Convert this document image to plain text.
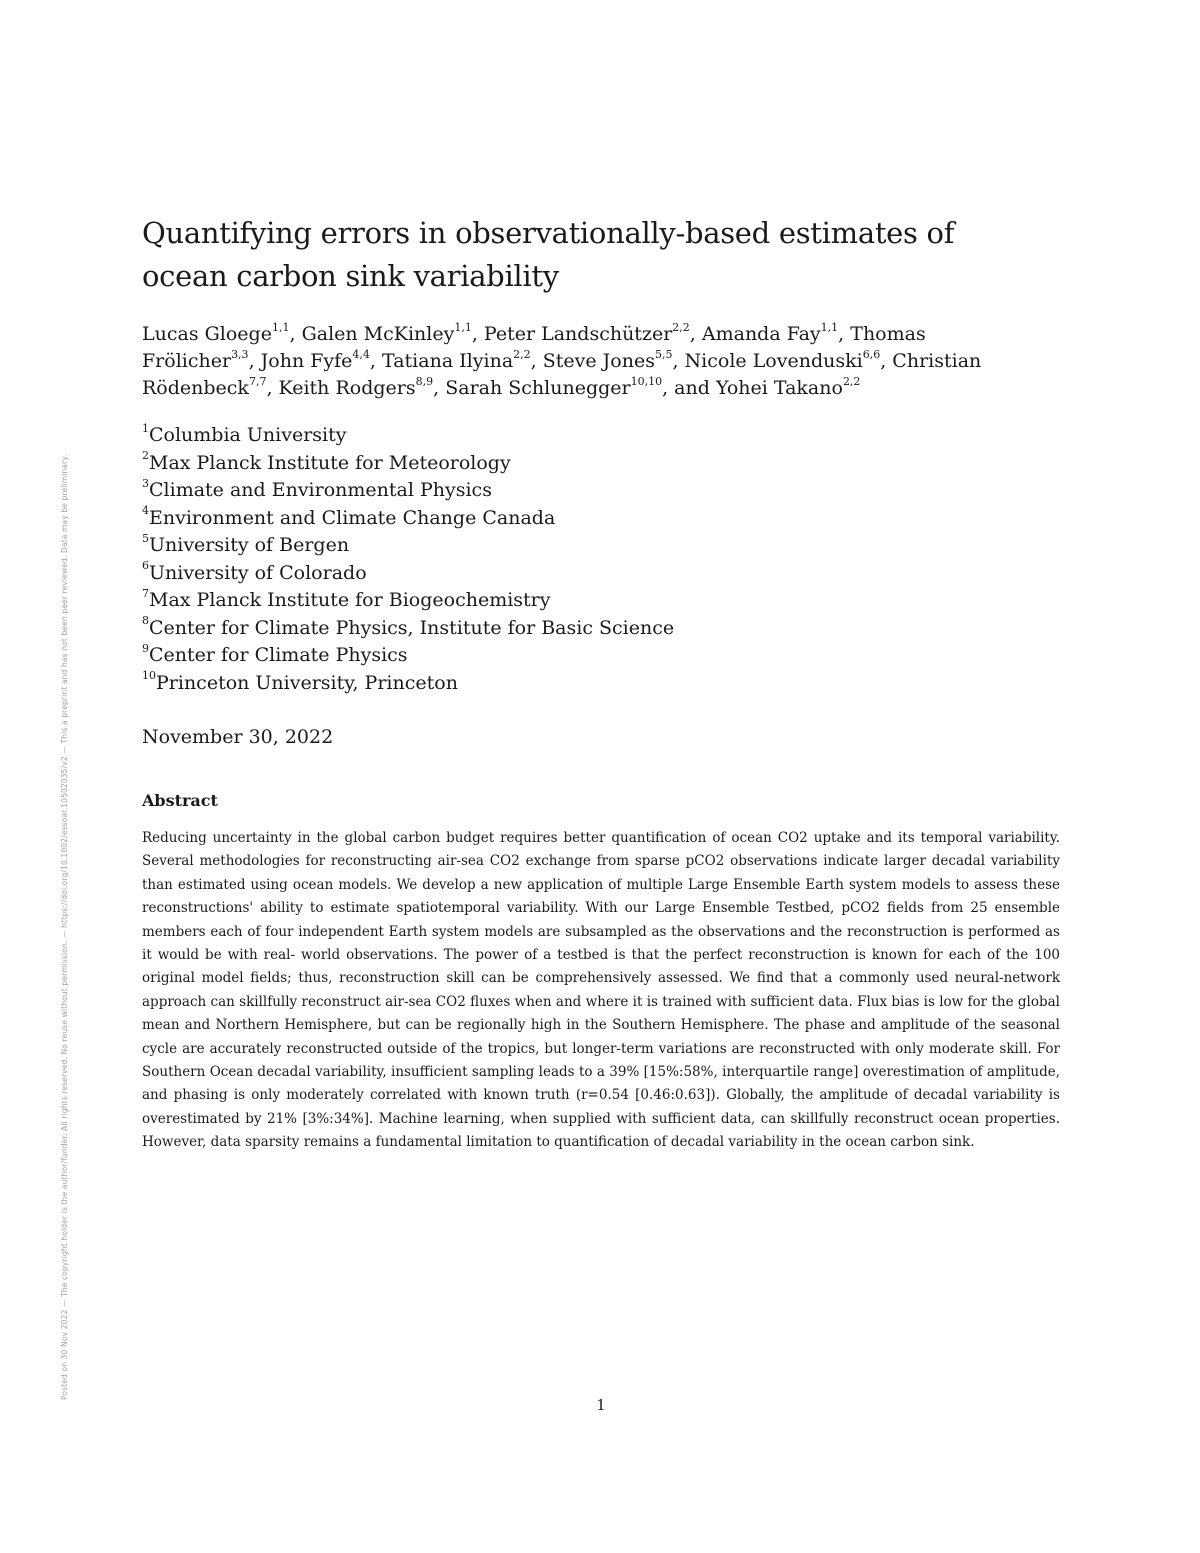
Posted on 30 Nov 2022 — The copyright holder is the author/funder. All rights reserved. No reuse without permission. — https://doi.org/10.1002/essoar.10502035/v2 — This a preprint and has not been peer reviewed. Data may be preliminary.
Quantifying errors in observationally-based estimates of ocean carbon sink variability

Lucas Gloege$^{1,1}$, Galen McKinley$^{1,1}$, Peter Landschützer$^{2,2}$, Amanda Fay$^{1,1}$, Thomas Frölicher$^{3,3}$, John Fyfe$^{4,4}$, Tatiana Ilyina$^{2,2}$, Steve Jones$^{5,5}$, Nicole Lovenduski$^{6,6}$, Christian Rödenbeck$^{7,7}$, Keith Rodgers$^{8,9}$, Sarah Schlunegger$^{10,10}$, and Yohei Takano$^{2,2}$

$^1$Columbia University
$^2$Max Planck Institute for Meteorology
$^3$Climate and Environmental Physics
$^4$Environment and Climate Change Canada
$^5$University of Bergen
$^6$University of Colorado
$^7$Max Planck Institute for Biogeochemistry
$^8$Center for Climate Physics, Institute for Basic Science
$^9$Center for Climate Physics
$^{10}$Princeton University, Princeton
November 30, 2022
Abstract

Reducing uncertainty in the global carbon budget requires better quantification of ocean CO2 uptake and its temporal variability. Several methodologies for reconstructing air-sea CO2 exchange from sparse pCO2 observations indicate larger decadal variability than estimated using ocean models. We develop a new application of multiple Large Ensemble Earth system models to assess these reconstructions' ability to estimate spatiotemporal variability. With our Large Ensemble Testbed, pCO2 fields from 25 ensemble members each of four independent Earth system models are subsampled as the observations and the reconstruction is performed as it would be with real- world observations. The power of a testbed is that the perfect reconstruction is known for each of the 100 original model fields; thus, reconstruction skill can be comprehensively assessed. We find that a commonly used neural-network approach can skillfully reconstruct air-sea CO2 fluxes when and where it is trained with sufficient data. Flux bias is low for the global mean and Northern Hemisphere, but can be regionally high in the Southern Hemisphere. The phase and amplitude of the seasonal cycle are accurately reconstructed outside of the tropics, but longer-term variations are reconstructed with only moderate skill. For Southern Ocean decadal variability, insufficient sampling leads to a 39% [15%:58%, interquartile range] overestimation of amplitude, and phasing is only moderately correlated with known truth (r=0.54 [0.46:0.63]). Globally, the amplitude of decadal variability is overestimated by 21% [3%:34%]. Machine learning, when supplied with sufficient data, can skillfully reconstruct ocean properties. However, data sparsity remains a fundamental limitation to quantification of decadal variability in the ocean carbon sink.

1
